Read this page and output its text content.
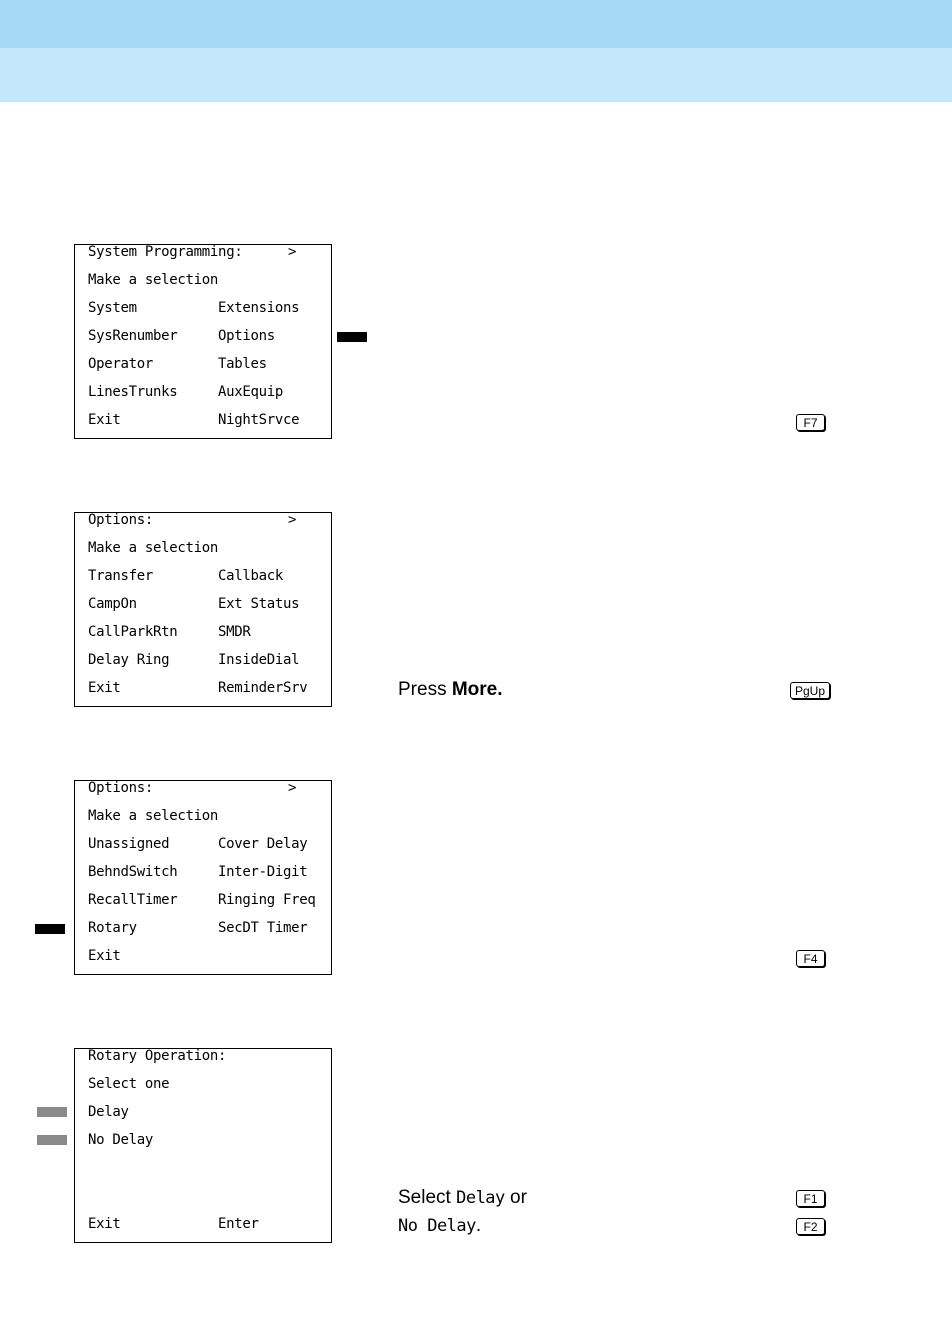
System Programming:	>
Make a selection
System	Extensions
SysRenumber	Options
Operator	Tables
LinesTrunks	AuxEquip
Exit	NightSrvce	F7
Options:	>
Make a selection
Transfer	Callback
CampOn	Ext Status
CallParkRtn	SMDR
Delay Ring	InsideDial
Exit	ReminderSrv	Press More.	PgUp
Options:	>
Make a selection
Unassigned	Cover Delay
BehndSwitch	Inter-Digit
RecallTimer	Ringing Freq
Rotary	SecDT Timer
Exit	F4
Rotary Operation:
Select one
Delay
No Delay
Exit	Enter
Select Delay or
No Delay.
F1
F2
